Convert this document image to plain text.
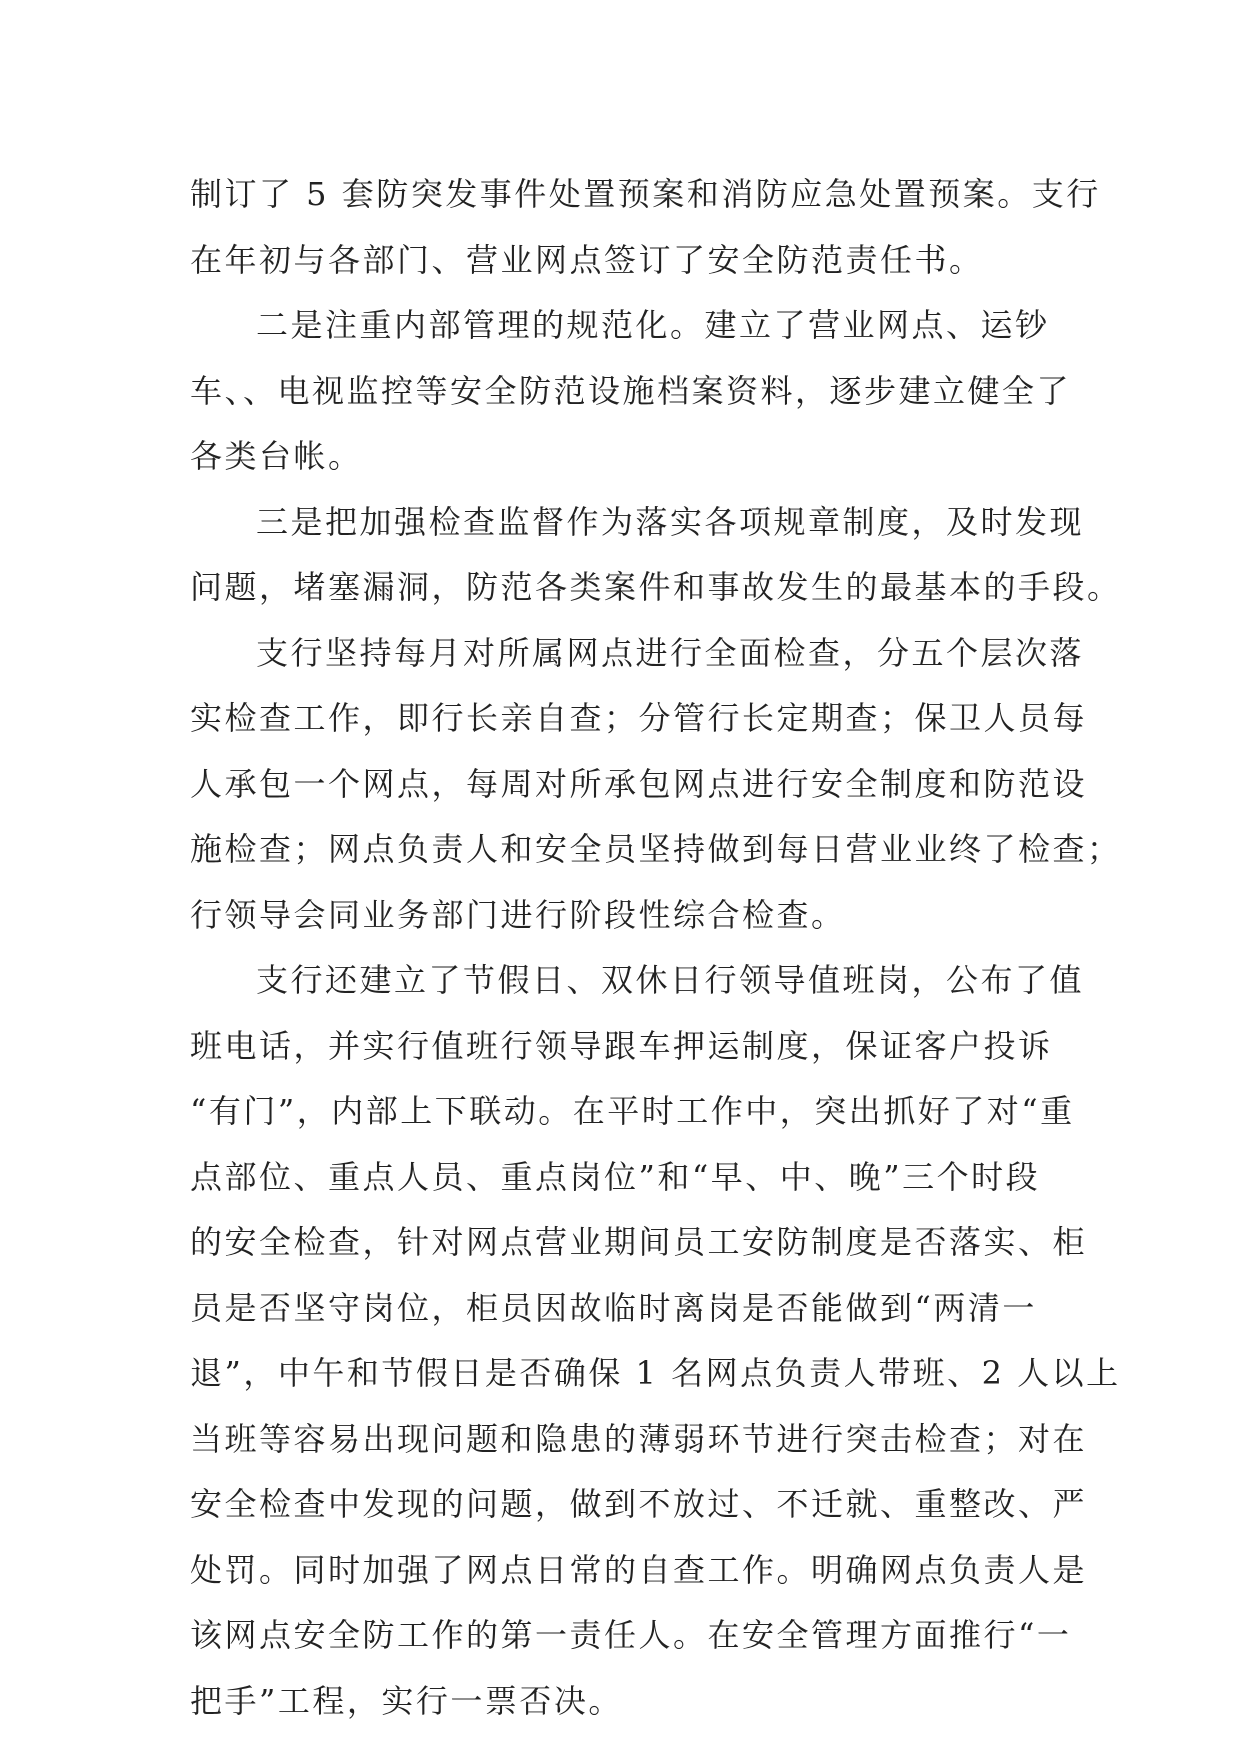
制订了 5 套防突发事件处置预案和消防应急处置预案。支行
在年初与各部门、营业网点签订了安全防范责任书。
二是注重内部管理的规范化。建立了营业网点、运钞
车、、电视监控等安全防范设施档案资料，逐步建立健全了
各类台帐。
三是把加强检查监督作为落实各项规章制度，及时发现
问题，堵塞漏洞，防范各类案件和事故发生的最基本的手段。
支行坚持每月对所属网点进行全面检查，分五个层次落
实检查工作，即行长亲自查；分管行长定期查；保卫人员每
人承包一个网点，每周对所承包网点进行安全制度和防范设
施检查；网点负责人和安全员坚持做到每日营业业终了检查；
行领导会同业务部门进行阶段性综合检查。
支行还建立了节假日、双休日行领导值班岗，公布了值
班电话，并实行值班行领导跟车押运制度，保证客户投诉
“有门”，内部上下联动。在平时工作中，突出抓好了对“重
点部位、重点人员、重点岗位”和“早、中、晚”三个时段
的安全检查，针对网点营业期间员工安防制度是否落实、柜
员是否坚守岗位，柜员因故临时离岗是否能做到“两清一
退”，中午和节假日是否确保 1 名网点负责人带班、2 人以上
当班等容易出现问题和隐患的薄弱环节进行突击检查；对在
安全检查中发现的问题，做到不放过、不迁就、重整改、严
处罚。同时加强了网点日常的自查工作。明确网点负责人是
该网点安全防工作的第一责任人。在安全管理方面推行“一
把手”工程，实行一票否决。
